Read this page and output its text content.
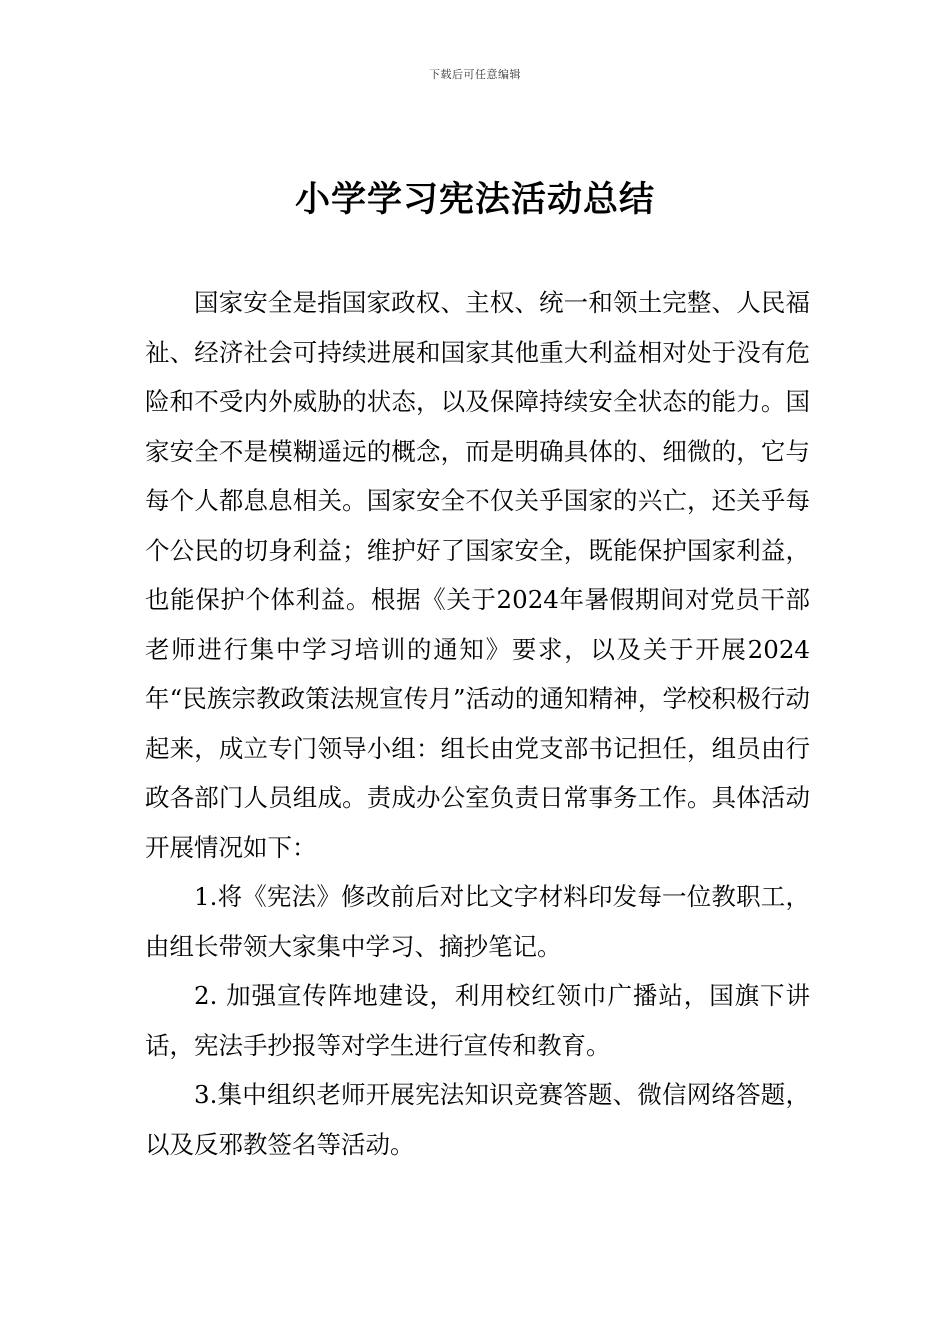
下载后可任意编辑
小学学习宪法活动总结

国家安全是指国家政权、主权、统一和领土完整、人民福祉、经济社会可持续进展和国家其他重大利益相对处于没有危险和不受内外威胁的状态，以及保障持续安全状态的能力。国家安全不是模糊遥远的概念，而是明确具体的、细微的，它与每个人都息息相关。国家安全不仅关乎国家的兴亡，还关乎每个公民的切身利益；维护好了国家安全，既能保护国家利益，也能保护个体利益。根据《关于2024年暑假期间对党员干部老师进行集中学习培训的通知》要求，以及关于开展2024年“民族宗教政策法规宣传月”活动的通知精神，学校积极行动起来，成立专门领导小组：组长由党支部书记担任，组员由行政各部门人员组成。责成办公室负责日常事务工作。具体活动开展情况如下：

1.将《宪法》修改前后对比文字材料印发每一位教职工，由组长带领大家集中学习、摘抄笔记。

2. 加强宣传阵地建设，利用校红领巾广播站，国旗下讲话，宪法手抄报等对学生进行宣传和教育。

3.集中组织老师开展宪法知识竞赛答题、微信网络答题，以及反邪教签名等活动。
